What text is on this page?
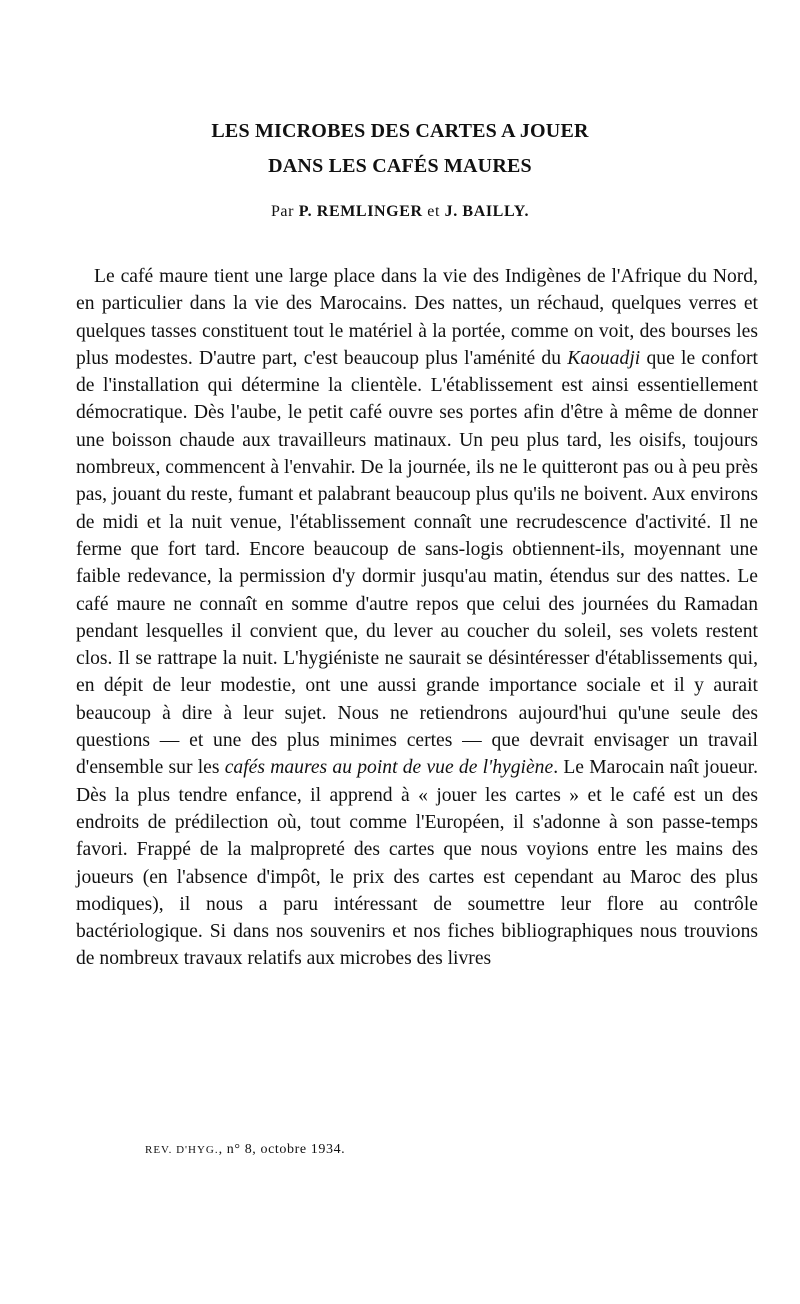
LES MICROBES DES CARTES A JOUER
DANS LES CAFÉS MAURES
Par P. REMLINGER et J. BAILLY.

Le café maure tient une large place dans la vie des Indigènes de l'Afrique du Nord, en particulier dans la vie des Marocains. Des nattes, un réchaud, quelques verres et quelques tasses constituent tout le matériel à la portée, comme on voit, des bourses les plus modestes. D'autre part, c'est beaucoup plus l'aménité du Kaouadji que le confort de l'installation qui détermine la clientèle. L'établissement est ainsi essentiellement démocratique. Dès l'aube, le petit café ouvre ses portes afin d'être à même de donner une boisson chaude aux travailleurs matinaux. Un peu plus tard, les oisifs, toujours nombreux, commencent à l'envahir. De la journée, ils ne le quitteront pas ou à peu près pas, jouant du reste, fumant et palabrant beaucoup plus qu'ils ne boivent. Aux environs de midi et la nuit venue, l'établissement connaît une recrudescence d'activité. Il ne ferme que fort tard. Encore beaucoup de sans-logis obtiennent-ils, moyennant une faible redevance, la permission d'y dormir jusqu'au matin, étendus sur des nattes. Le café maure ne connaît en somme d'autre repos que celui des journées du Ramadan pendant lesquelles il convient que, du lever au coucher du soleil, ses volets restent clos. Il se rattrape la nuit. L'hygiéniste ne saurait se désintéresser d'établissements qui, en dépit de leur modestie, ont une aussi grande importance sociale et il y aurait beaucoup à dire à leur sujet. Nous ne retiendrons aujourd'hui qu'une seule des questions — et une des plus minimes certes — que devrait envisager un travail d'ensemble sur les cafés maures au point de vue de l'hygiène. Le Marocain naît joueur. Dès la plus tendre enfance, il apprend à « jouer les cartes » et le café est un des endroits de prédilection où, tout comme l'Européen, il s'adonne à son passe-temps favori. Frappé de la malpropreté des cartes que nous voyions entre les mains des joueurs (en l'absence d'impôt, le prix des cartes est cependant au Maroc des plus modiques), il nous a paru intéressant de soumettre leur flore au contrôle bactériologique. Si dans nos souvenirs et nos fiches bibliographiques nous trouvions de nombreux travaux relatifs aux microbes des livres

REV. D'HYG., n° 8, octobre 1934.
